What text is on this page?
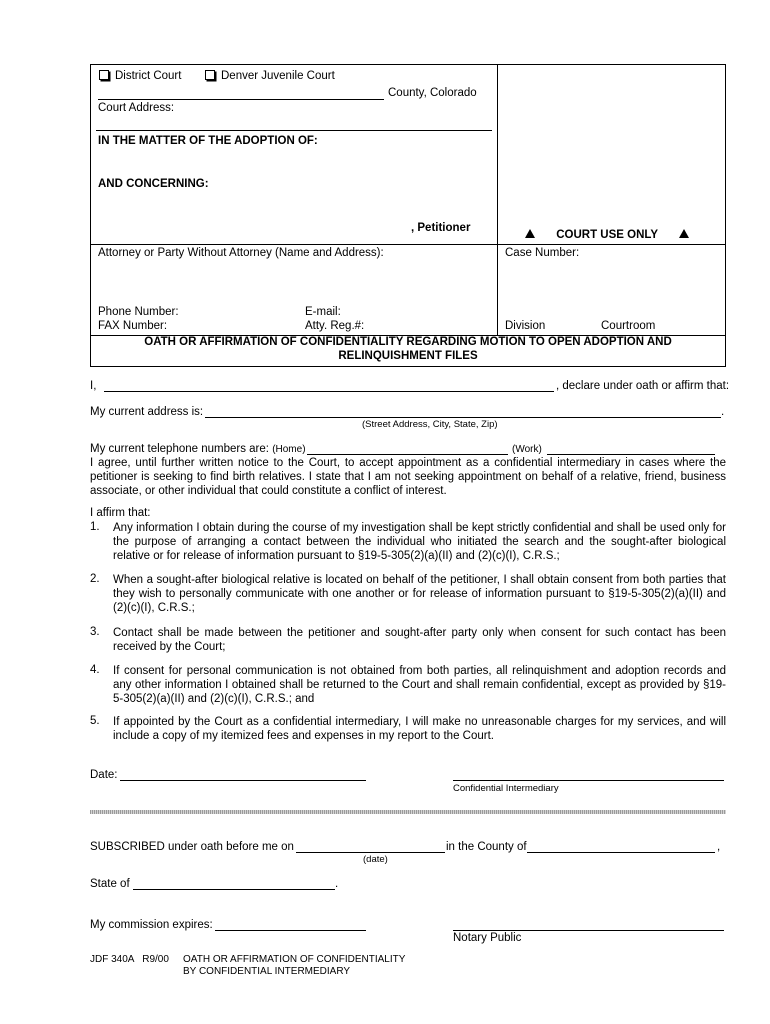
District Court	Denver Juvenile Court
County, Colorado
Court Address:
IN THE MATTER OF THE ADOPTION OF:
AND CONCERNING:
, Petitioner
COURT USE ONLY
Attorney or Party Without Attorney (Name and Address):	Case Number:
Phone Number:	E-mail:
FAX Number:	Atty. Reg.#:	Division	Courtroom
OATH OR AFFIRMATION OF CONFIDENTIALITY REGARDING MOTION TO OPEN ADOPTION AND
RELINQUISHMENT FILES
I,	, declare under oath or affirm that:
My current address is:	.
(Street Address, City, State, Zip)
My current telephone numbers are: (Home)	(Work)
I agree, until further written notice to the Court, to accept appointment as a confidential intermediary in cases where the petitioner is seeking to find birth relatives. I state that I am not seeking appointment on behalf of a relative, friend, business associate, or other individual that could constitute a conflict of interest.
I affirm that:
1. Any information I obtain during the course of my investigation shall be kept strictly confidential and shall be used only for the purpose of arranging a contact between the individual who initiated the search and the sought-after biological relative or for release of information pursuant to §19-5-305(2)(a)(II) and (2)(c)(I), C.R.S.;
2. When a sought-after biological relative is located on behalf of the petitioner, I shall obtain consent from both parties that they wish to personally communicate with one another or for release of information pursuant to §19-5-305(2)(a)(II) and (2)(c)(I), C.R.S.;
3. Contact shall be made between the petitioner and sought-after party only when consent for such contact has been received by the Court;
4. If consent for personal communication is not obtained from both parties, all relinquishment and adoption records and any other information I obtained shall be returned to the Court and shall remain confidential, except as provided by §19-5-305(2)(a)(II) and (2)(c)(I), C.R.S.; and
5. If appointed by the Court as a confidential intermediary, I will make no unreasonable charges for my services, and will include a copy of my itemized fees and expenses in my report to the Court.
Date:
Confidential Intermediary
SUBSCRIBED under oath before me on	in the County of	,
(date)
State of	.
My commission expires:
Notary Public
JDF 340A   R9/00 OATH OR AFFIRMATION OF CONFIDENTIALITY
BY CONFIDENTIAL INTERMEDIARY
